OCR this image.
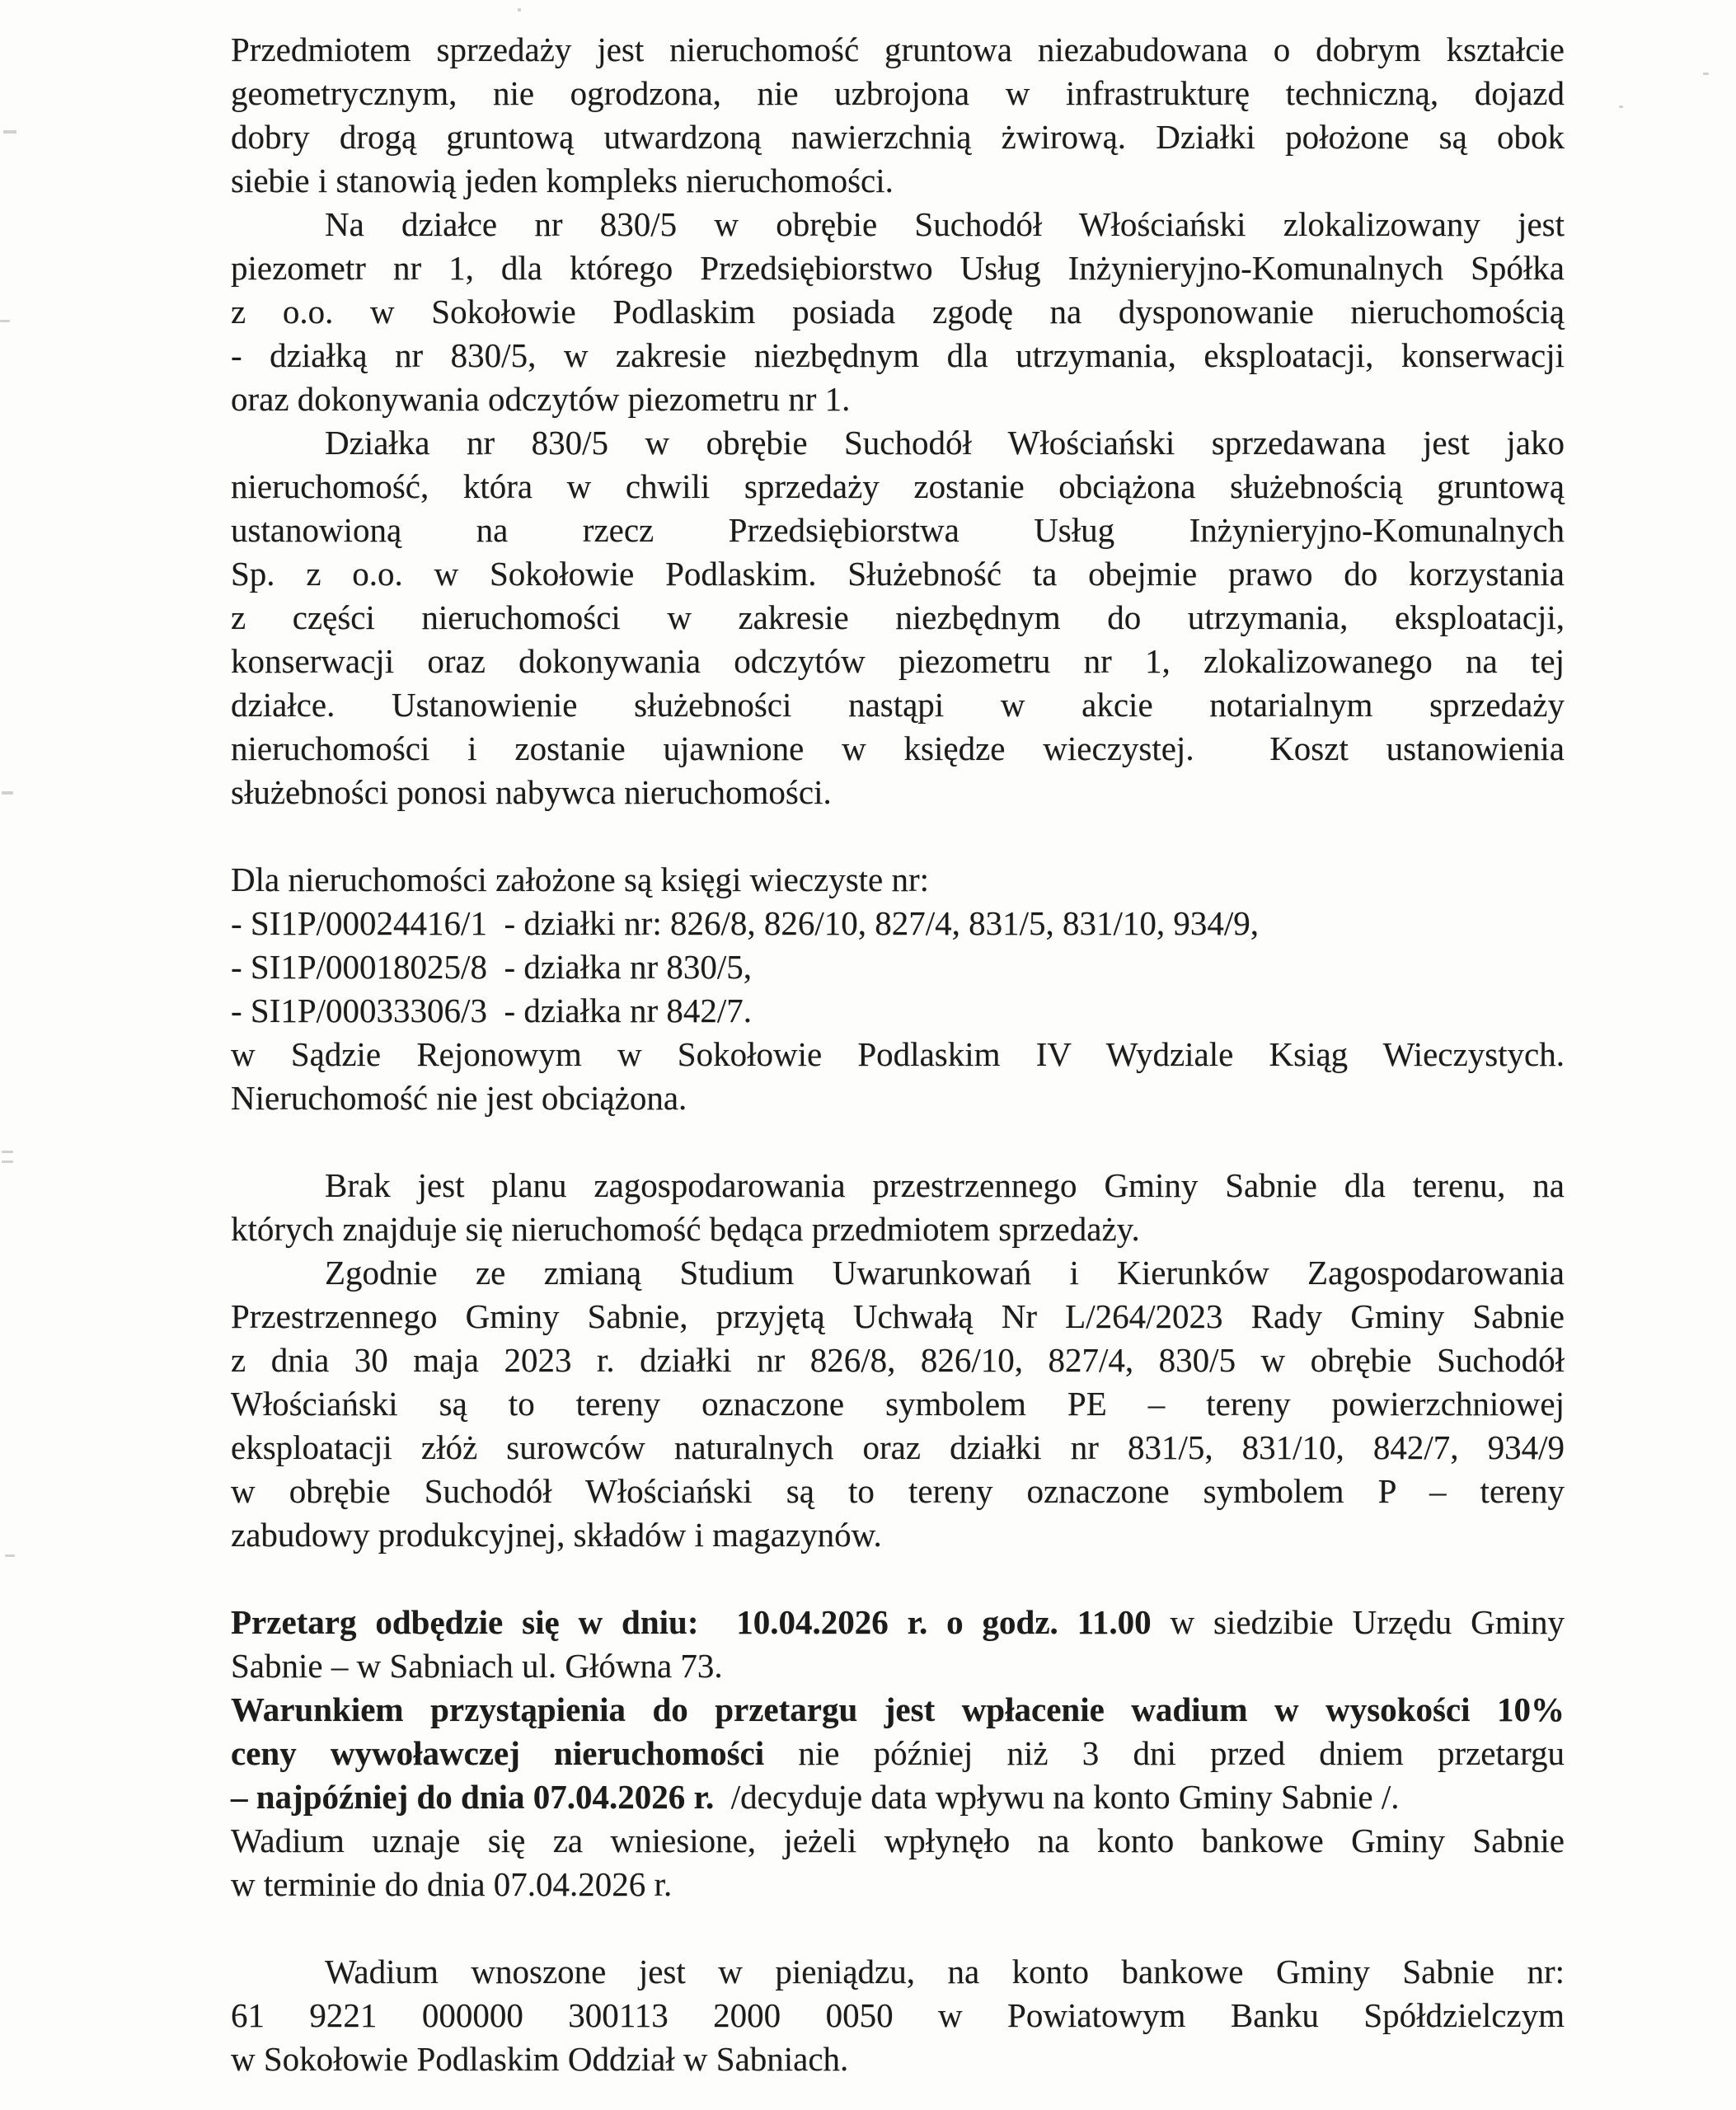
Przedmiotem sprzedaży jest nieruchomość gruntowa niezabudowana o dobrym kształcie
geometrycznym, nie ogrodzona, nie uzbrojona w infrastrukturę techniczną, dojazd
dobry drogą gruntową utwardzoną nawierzchnią żwirową. Działki położone są obok
siebie i stanowią jeden kompleks nieruchomości.
Na działce nr 830/5 w obrębie Suchodół Włościański zlokalizowany jest
piezometr nr 1, dla którego Przedsiębiorstwo Usług Inżynieryjno-Komunalnych Spółka
z o.o. w Sokołowie Podlaskim posiada zgodę na dysponowanie nieruchomością
- działką nr 830/5, w zakresie niezbędnym dla utrzymania, eksploatacji, konserwacji
oraz dokonywania odczytów piezometru nr 1.
Działka nr 830/5 w obrębie Suchodół Włościański sprzedawana jest jako
nieruchomość, która w chwili sprzedaży zostanie obciążona służebnością gruntową
ustanowioną na rzecz Przedsiębiorstwa Usług Inżynieryjno-Komunalnych
Sp. z o.o. w Sokołowie Podlaskim. Służebność ta obejmie prawo do korzystania
z części nieruchomości w zakresie niezbędnym do utrzymania, eksploatacji,
konserwacji oraz dokonywania odczytów piezometru nr 1, zlokalizowanego na tej
działce. Ustanowienie służebności nastąpi w akcie notarialnym sprzedaży
nieruchomości i zostanie ujawnione w księdze wieczystej.  Koszt ustanowienia
służebności ponosi nabywca nieruchomości.
Dla nieruchomości założone są księgi wieczyste nr:
- SI1P/00024416/1  - działki nr: 826/8, 826/10, 827/4, 831/5, 831/10, 934/9,
- SI1P/00018025/8  - działka nr 830/5,
- SI1P/00033306/3  - działka nr 842/7.
w Sądzie Rejonowym w Sokołowie Podlaskim IV Wydziale Ksiąg Wieczystych.
Nieruchomość nie jest obciążona.
Brak jest planu zagospodarowania przestrzennego Gminy Sabnie dla terenu, na
których znajduje się nieruchomość będąca przedmiotem sprzedaży.
Zgodnie ze zmianą Studium Uwarunkowań i Kierunków Zagospodarowania
Przestrzennego Gminy Sabnie, przyjętą Uchwałą Nr L/264/2023 Rady Gminy Sabnie
z dnia 30 maja 2023 r. działki nr 826/8, 826/10, 827/4, 830/5 w obrębie Suchodół
Włościański są to tereny oznaczone symbolem PE – tereny powierzchniowej
eksploatacji złóż surowców naturalnych oraz działki nr 831/5, 831/10, 842/7, 934/9
w obrębie Suchodół Włościański są to tereny oznaczone symbolem P – tereny
zabudowy produkcyjnej, składów i magazynów.
Przetarg odbędzie się w dniu:  10.04.2026 r. o godz. 11.00 w siedzibie Urzędu Gminy
Sabnie – w Sabniach ul. Główna 73.
Warunkiem przystąpienia do przetargu jest wpłacenie wadium w wysokości 10%
ceny wywoławczej nieruchomości nie później niż 3 dni przed dniem przetargu
– najpóźniej do dnia 07.04.2026 r.  /decyduje data wpływu na konto Gminy Sabnie /.
Wadium uznaje się za wniesione, jeżeli wpłynęło na konto bankowe Gminy Sabnie
w terminie do dnia 07.04.2026 r.
Wadium wnoszone jest w pieniądzu, na konto bankowe Gminy Sabnie nr:
61 9221 000000 300113 2000 0050 w Powiatowym Banku Spółdzielczym
w Sokołowie Podlaskim Oddział w Sabniach.
